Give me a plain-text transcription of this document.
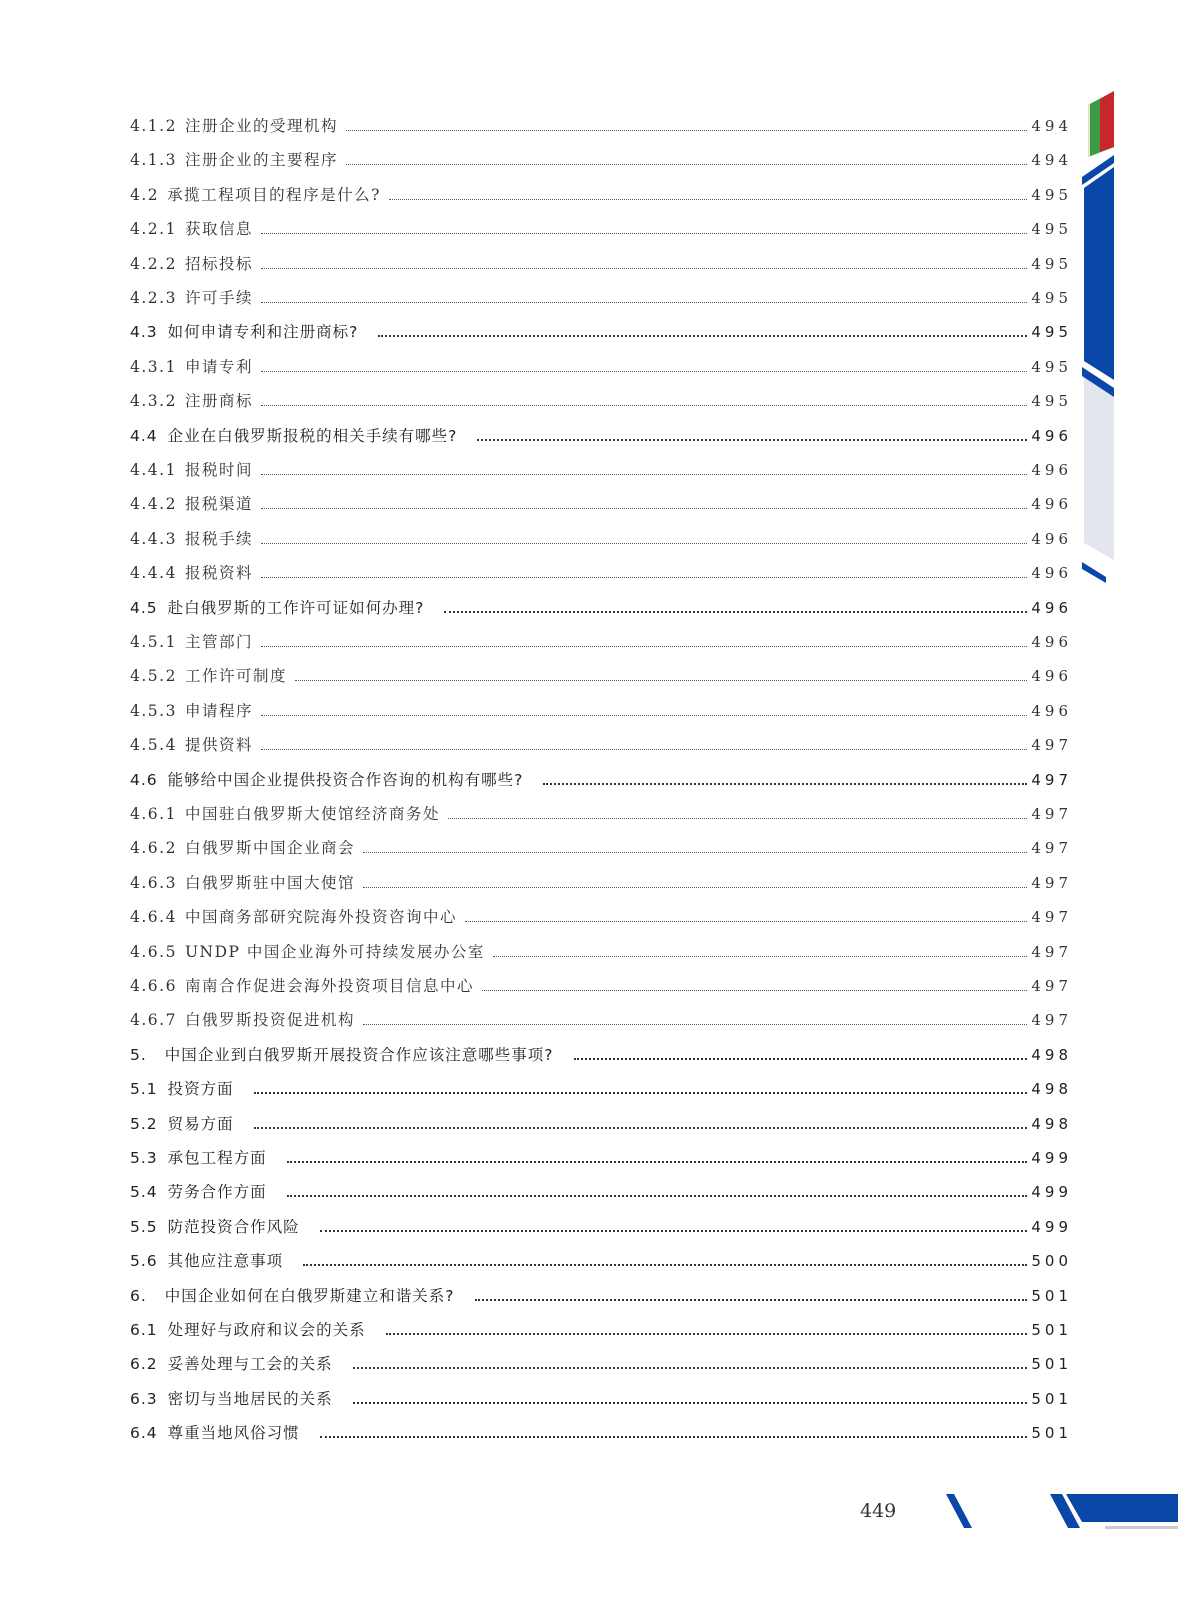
4.1.2 注册企业的受理机构	494
4.1.3 注册企业的主要程序	494
4.2 承揽工程项目的程序是什么?	495
4.2.1 获取信息	495
4.2.2 招标投标	495
4.2.3 许可手续	495
4.3 如何申请专利和注册商标?	495
4.3.1 申请专利	495
4.3.2 注册商标	495
4.4 企业在白俄罗斯报税的相关手续有哪些?	496
4.4.1 报税时间	496
4.4.2 报税渠道	496
4.4.3 报税手续	496
4.4.4 报税资料	496
4.5 赴白俄罗斯的工作许可证如何办理?	496
4.5.1 主管部门	496
4.5.2 工作许可制度	496
4.5.3 申请程序	496
4.5.4 提供资料	497
4.6 能够给中国企业提供投资合作咨询的机构有哪些?	497
4.6.1 中国驻白俄罗斯大使馆经济商务处	497
4.6.2 白俄罗斯中国企业商会	497
4.6.3 白俄罗斯驻中国大使馆	497
4.6.4 中国商务部研究院海外投资咨询中心	497
4.6.5 UNDP 中国企业海外可持续发展办公室	497
4.6.6 南南合作促进会海外投资项目信息中心	497
4.6.7 白俄罗斯投资促进机构	497
5. 中国企业到白俄罗斯开展投资合作应该注意哪些事项?	498
5.1 投资方面	498
5.2 贸易方面	498
5.3 承包工程方面	499
5.4 劳务合作方面	499
5.5 防范投资合作风险	499
5.6 其他应注意事项	500
6. 中国企业如何在白俄罗斯建立和谐关系?	501
6.1 处理好与政府和议会的关系	501
6.2 妥善处理与工会的关系	501
6.3 密切与当地居民的关系	501
6.4 尊重当地风俗习惯	501
449
